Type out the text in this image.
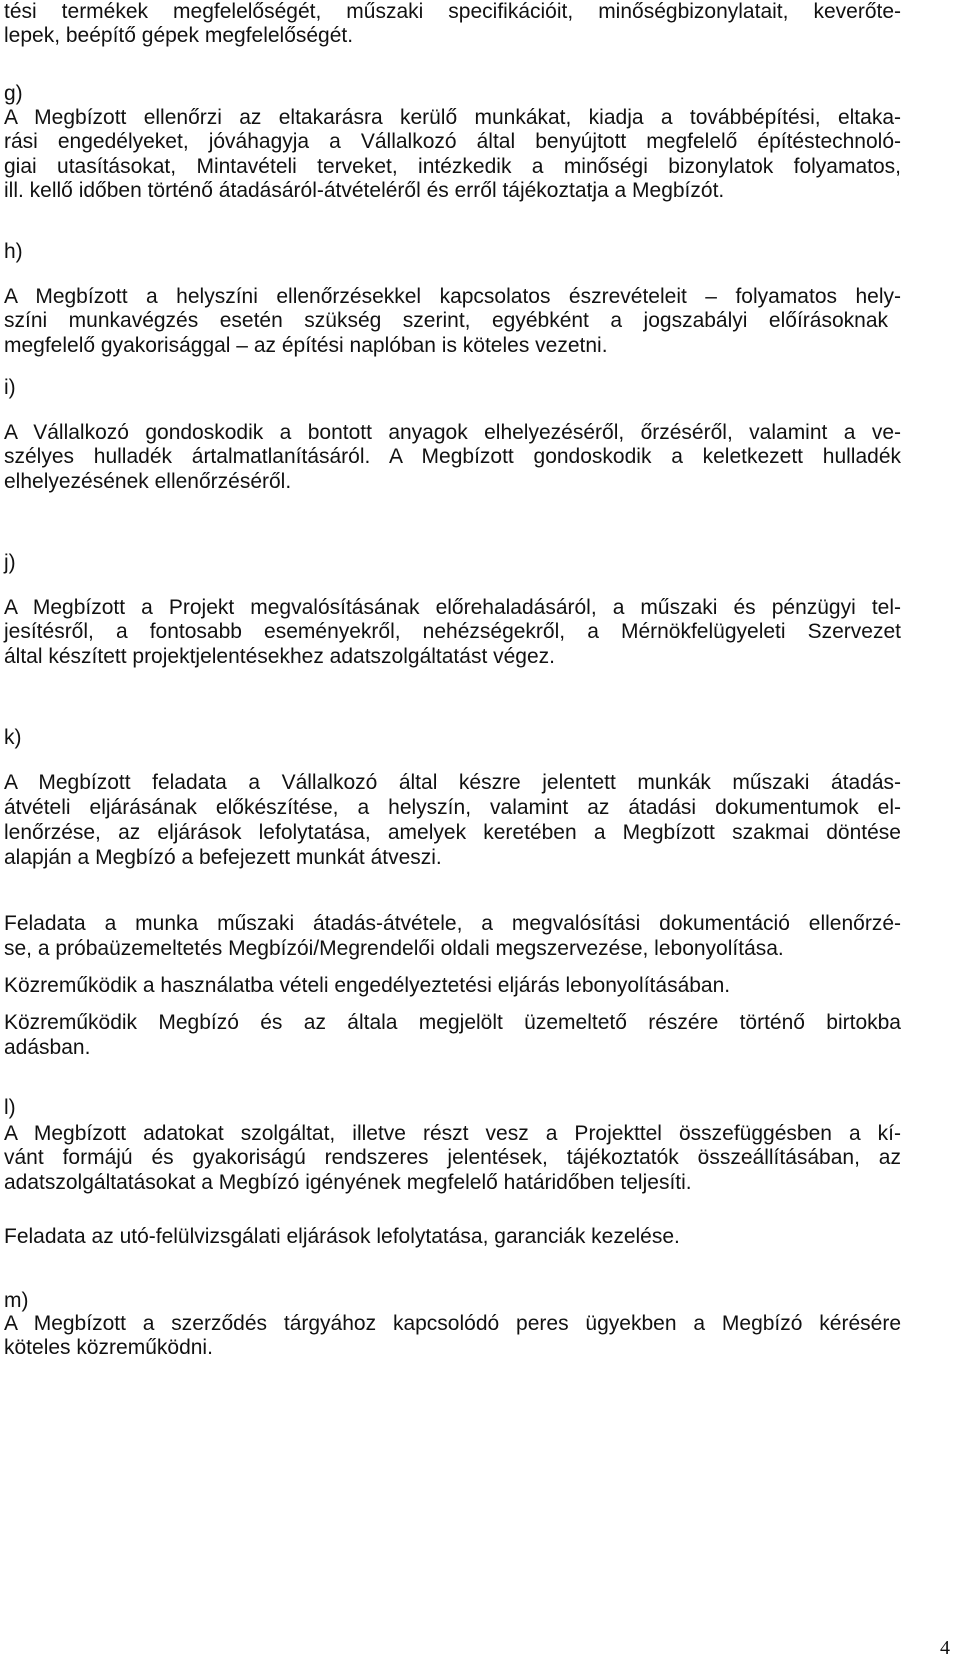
tési termékek megfelelőségét, műszaki specifikációit, minőségbizonylatait, keverőte-

lepek, beépítő gépek megfelelőségét.

g)

A Megbízott ellenőrzi az eltakarásra kerülő munkákat, kiadja a továbbépítési, eltaka-

rási engedélyeket, jóváhagyja a Vállalkozó által benyújtott megfelelő építéstechnoló-

giai utasításokat, Mintavételi terveket, intézkedik a minőségi bizonylatok folyamatos,

ill. kellő időben történő átadásáról-átvételéről és erről tájékoztatja a Megbízót.

h)

A Megbízott a helyszíni ellenőrzésekkel kapcsolatos észrevételeit – folyamatos hely-

színi munkavégzés esetén szükség szerint, egyébként a jogszabályi előírásoknak

megfelelő gyakorisággal – az építési naplóban is köteles vezetni.

i)

A Vállalkozó gondoskodik a bontott anyagok elhelyezéséről, őrzéséről, valamint a ve-

szélyes hulladék ártalmatlanításáról. A Megbízott gondoskodik a keletkezett hulladék

elhelyezésének ellenőrzéséről.

j)

A Megbízott a Projekt megvalósításának előrehaladásáról, a műszaki és pénzügyi tel-

jesítésről, a fontosabb eseményekről, nehézségekről, a Mérnökfelügyeleti Szervezet

által készített projektjelentésekhez adatszolgáltatást végez.

k)

A Megbízott feladata a Vállalkozó által készre jelentett munkák műszaki átadás-

átvételi eljárásának előkészítése, a helyszín, valamint az átadási dokumentumok el-

lenőrzése, az eljárások lefolytatása, amelyek keretében a Megbízott szakmai döntése

alapján a Megbízó a befejezett munkát átveszi.

Feladata a munka műszaki átadás-átvétele, a megvalósítási dokumentáció ellenőrzé-

se, a próbaüzemeltetés Megbízói/Megrendelői oldali megszervezése, lebonyolítása.

Közreműködik a használatba vételi engedélyeztetési eljárás lebonyolításában.

Közreműködik Megbízó és az általa megjelölt üzemeltető részére történő birtokba

adásban.

l)

A Megbízott adatokat szolgáltat, illetve részt vesz a Projekttel összefüggésben a kí-

vánt formájú és gyakoriságú rendszeres jelentések, tájékoztatók összeállításában, az

adatszolgáltatásokat a Megbízó igényének megfelelő határidőben teljesíti.

Feladata az utó-felülvizsgálati eljárások lefolytatása, garanciák kezelése.

m)

A Megbízott a szerződés tárgyához kapcsolódó peres ügyekben a Megbízó kérésére

köteles közreműködni.

4
